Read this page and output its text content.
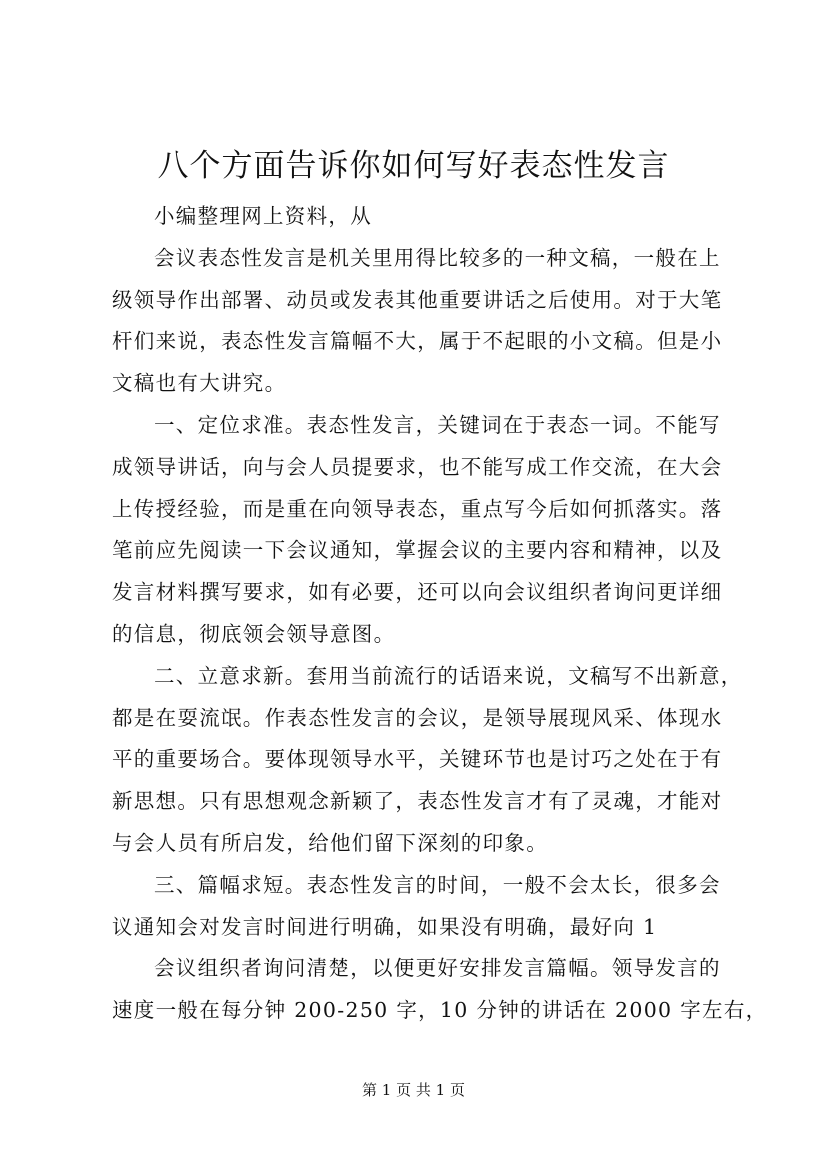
八个方面告诉你如何写好表态性发言
小编整理网上资料，从
会议表态性发言是机关里用得比较多的一种文稿，一般在上
级领导作出部署、动员或发表其他重要讲话之后使用。对于大笔
杆们来说，表态性发言篇幅不大，属于不起眼的小文稿。但是小
文稿也有大讲究。
一、定位求准。表态性发言，关键词在于表态一词。不能写
成领导讲话，向与会人员提要求，也不能写成工作交流，在大会
上传授经验，而是重在向领导表态，重点写今后如何抓落实。落
笔前应先阅读一下会议通知，掌握会议的主要内容和精神，以及
发言材料撰写要求，如有必要，还可以向会议组织者询问更详细
的信息，彻底领会领导意图。
二、立意求新。套用当前流行的话语来说，文稿写不出新意，
都是在耍流氓。作表态性发言的会议，是领导展现风采、体现水
平的重要场合。要体现领导水平，关键环节也是讨巧之处在于有
新思想。只有思想观念新颖了，表态性发言才有了灵魂，才能对
与会人员有所启发，给他们留下深刻的印象。
三、篇幅求短。表态性发言的时间，一般不会太长，很多会
议通知会对发言时间进行明确，如果没有明确，最好向 1
会议组织者询问清楚，以便更好安排发言篇幅。领导发言的
速度一般在每分钟 200-250 字，10 分钟的讲话在 2000 字左右，
第 1 页 共 1 页
